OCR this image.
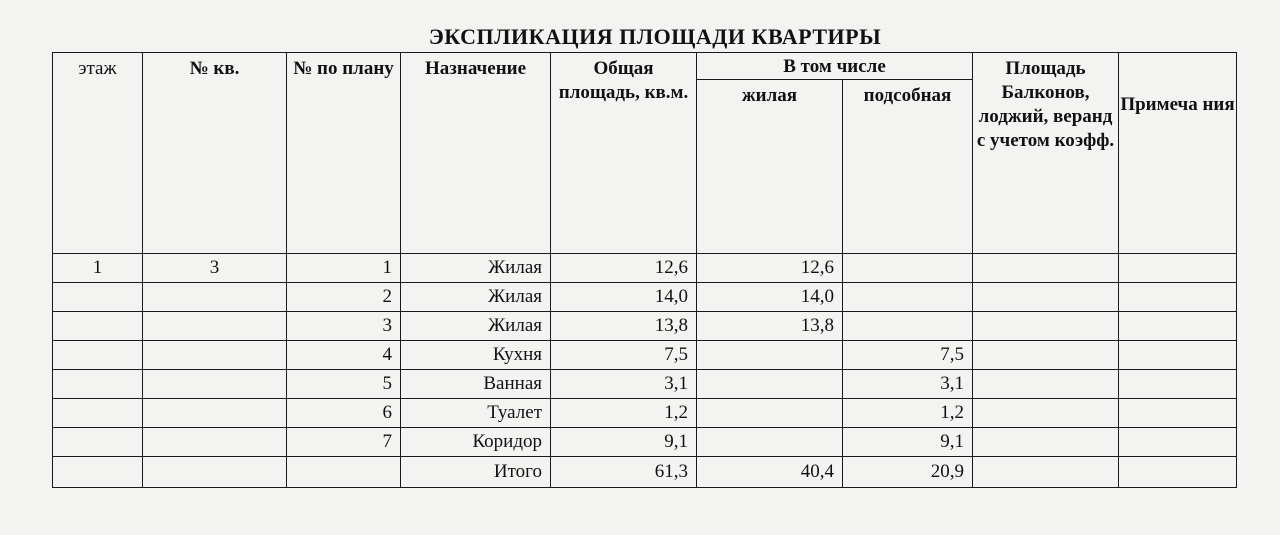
ЭКСПЛИКАЦИЯ ПЛОЩАДИ КВАРТИРЫ
этаж	№ кв.	№ по плану	Назначение	Общая площадь, кв.м.	В том числе		Площадь Балконов, лоджий, веранд с учетом коэфф.	Примеча ния
					жилая	подсобная		
1	3	1	Жилая	12,6	12,6			
		2	Жилая	14,0	14,0			
		3	Жилая	13,8	13,8			
		4	Кухня	7,5		7,5		
		5	Ванная	3,1		3,1		
		6	Туалет	1,2		1,2		
		7	Коридор	9,1		9,1		
			Итого	61,3	40,4	20,9		
